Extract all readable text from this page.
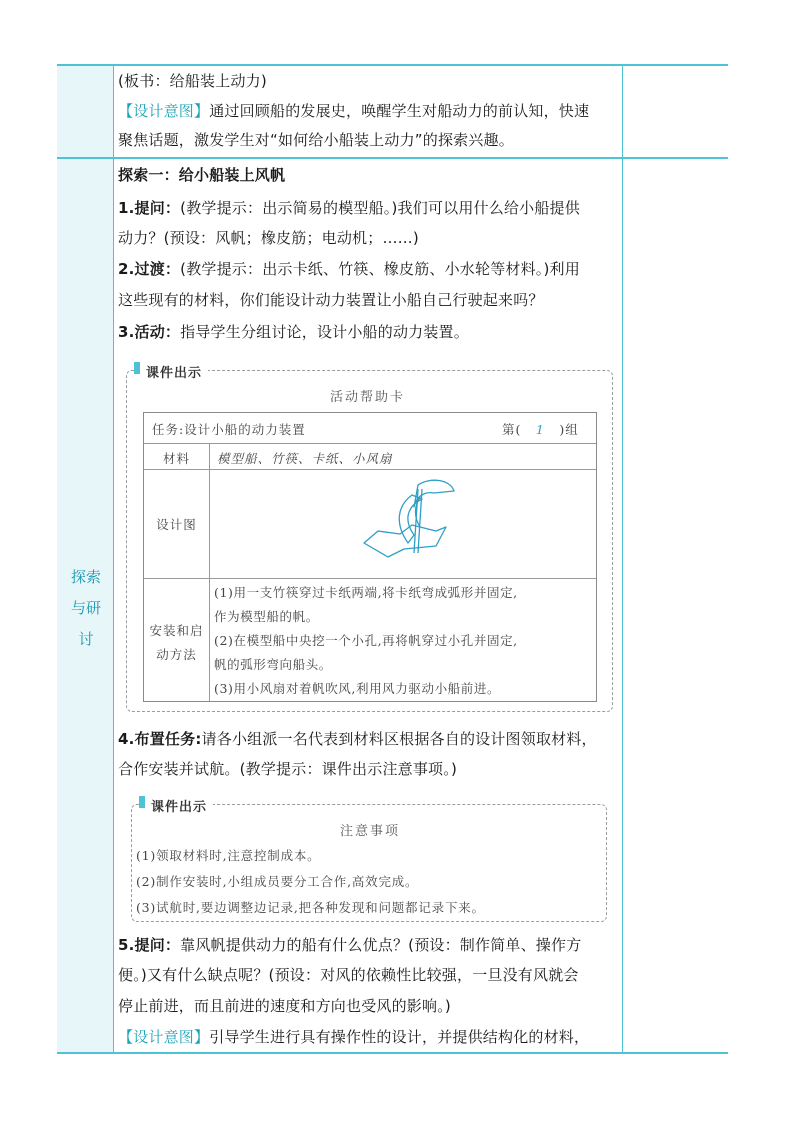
探索
与研
讨
(板书：给船装上动力)
【设计意图】通过回顾船的发展史，唤醒学生对船动力的前认知，快速
聚焦话题，激发学生对“如何给小船装上动力”的探索兴趣。
探索一：给小船装上风帆
1.提问：(教学提示：出示简易的模型船。)我们可以用什么给小船提供
动力？(预设：风帆；橡皮筋；电动机；……)
2.过渡：(教学提示：出示卡纸、竹筷、橡皮筋、小水轮等材料。)利用
这些现有的材料，你们能设计动力装置让小船自己行驶起来吗？
3.活动：指导学生分组讨论，设计小船的动力装置。
课件出示
活动帮助卡
任务:设计小船的动力装置	第( 1 )组
材料	模型船、竹筷、卡纸、小风扇
设计图
安装和启
动方法
(1)用一支竹筷穿过卡纸两端,将卡纸弯成弧形并固定,
作为模型船的帆。
(2)在模型船中央挖一个小孔,再将帆穿过小孔并固定,
帆的弧形弯向船头。
(3)用小风扇对着帆吹风,利用风力驱动小船前进。
4.布置任务:请各小组派一名代表到材料区根据各自的设计图领取材料，
合作安装并试航。(教学提示：课件出示注意事项。)
课件出示
注意事项
(1)领取材料时,注意控制成本。
(2)制作安装时,小组成员要分工合作,高效完成。
(3)试航时,要边调整边记录,把各种发现和问题都记录下来。
5.提问：靠风帆提供动力的船有什么优点？(预设：制作简单、操作方
便。)又有什么缺点呢？(预设：对风的依赖性比较强，一旦没有风就会
停止前进，而且前进的速度和方向也受风的影响。)
【设计意图】引导学生进行具有操作性的设计，并提供结构化的材料，
